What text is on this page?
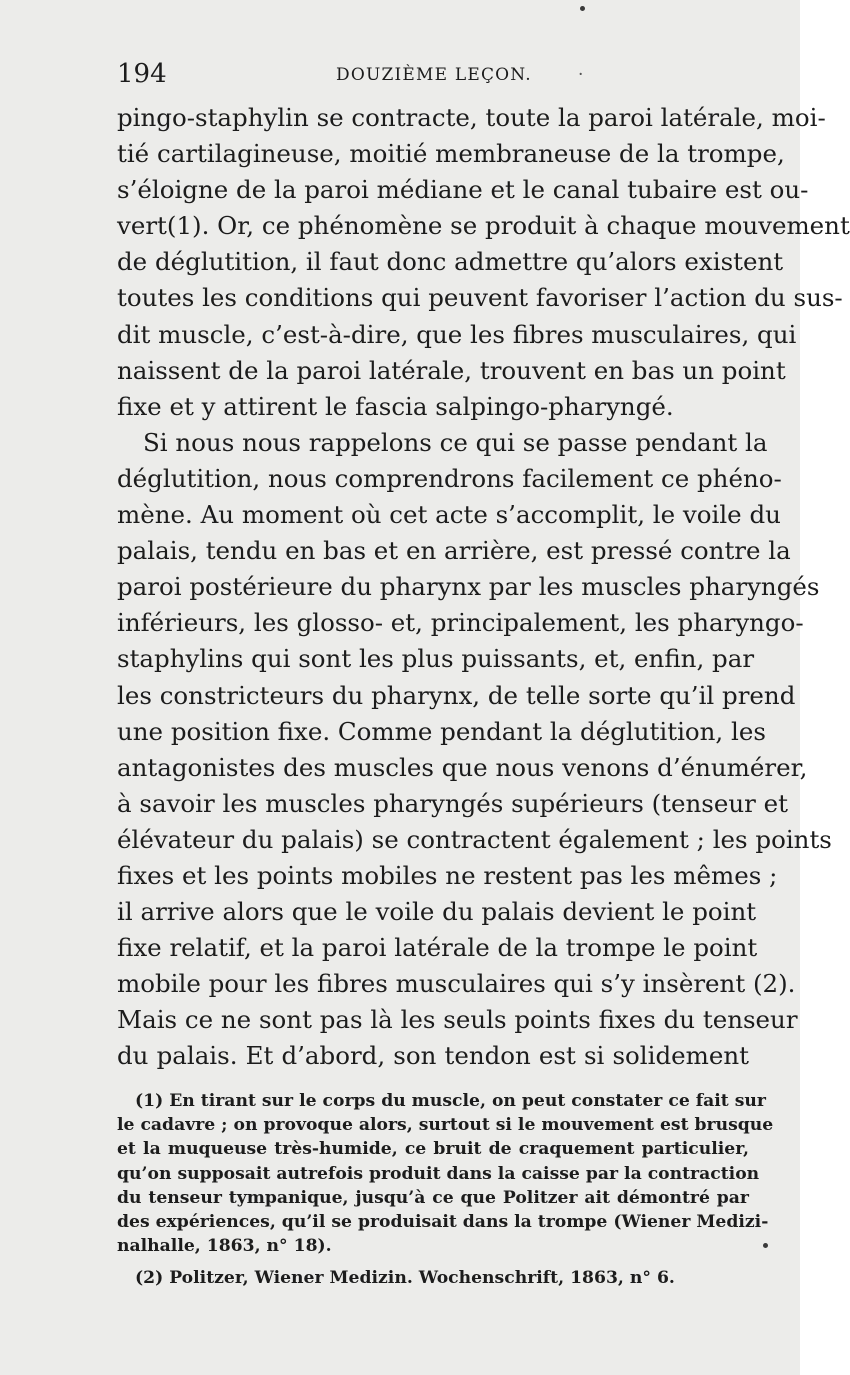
194	DOUZIÈME LEÇON.	·
pingo-staphylin se contracte, toute la paroi latérale, moi-
tié cartilagineuse, moitié membraneuse de la trompe,
s’éloigne de la paroi médiane et le canal tubaire est ou-
vert(1). Or, ce phénomène se produit à chaque mouvement
de déglutition, il faut donc admettre qu’alors existent
toutes les conditions qui peuvent favoriser l’action du sus-
dit muscle, c’est-à-dire, que les fibres musculaires, qui
naissent de la paroi latérale, trouvent en bas un point
fixe et y attirent le fascia salpingo-pharyngé.
Si nous nous rappelons ce qui se passe pendant la
déglutition, nous comprendrons facilement ce phéno-
mène. Au moment où cet acte s’accomplit, le voile du
palais, tendu en bas et en arrière, est pressé contre la
paroi postérieure du pharynx par les muscles pharyngés
inférieurs, les glosso- et, principalement, les pharyngo-
staphylins qui sont les plus puissants, et, enfin, par
les constricteurs du pharynx, de telle sorte qu’il prend
une position fixe. Comme pendant la déglutition, les
antagonistes des muscles que nous venons d’énumérer,
à savoir les muscles pharyngés supérieurs (tenseur et
élévateur du palais) se contractent également ; les points
fixes et les points mobiles ne restent pas les mêmes ;
il arrive alors que le voile du palais devient le point
fixe relatif, et la paroi latérale de la trompe le point
mobile pour les fibres musculaires qui s’y insèrent (2).
Mais ce ne sont pas là les seuls points fixes du tenseur
du palais. Et d’abord, son tendon est si solidement
(1) En tirant sur le corps du muscle, on peut constater ce fait sur
le cadavre ; on provoque alors, surtout si le mouvement est brusque
et la muqueuse très-humide, ce bruit de craquement particulier,
qu’on supposait autrefois produit dans la caisse par la contraction
du tenseur tympanique, jusqu’à ce que Politzer ait démontré par
des expériences, qu’il se produisait dans la trompe (Wiener Medizi-
nalhalle, 1863, n° 18).
(2) Politzer, Wiener Medizin. Wochenschrift, 1863, n° 6.
